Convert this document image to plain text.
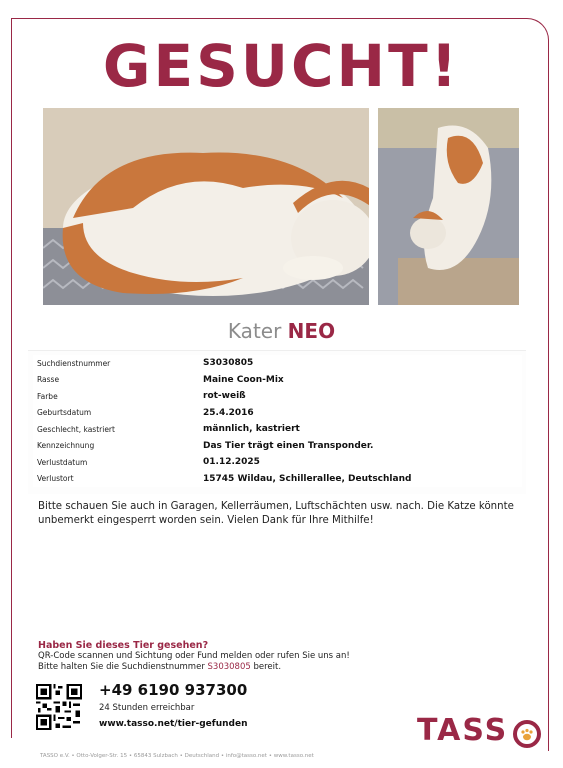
GESUCHT!
Kater NEO
Suchdienstnummer	S3030805
Rasse	Maine Coon-Mix
Farbe	rot-weiß
Geburtsdatum	25.4.2016
Geschlecht, kastriert	männlich, kastriert
Kennzeichnung	Das Tier trägt einen Transponder.
Verlustdatum	01.12.2025
Verlustort	15745 Wildau, Schillerallee, Deutschland
Bitte schauen Sie auch in Garagen, Kellerräumen, Luftschächten usw. nach. Die Katze könnte unbemerkt eingesperrt worden sein. Vielen Dank für Ihre Mithilfe!
Haben Sie dieses Tier gesehen?
QR-Code scannen und Sichtung oder Fund melden oder rufen Sie uns an!
Bitte halten Sie die Suchdienstnummer S3030805 bereit.
+49 6190 937300
24 Stunden erreichbar
www.tasso.net/tier-gefunden	TASS
TASSO e.V. • Otto-Volger-Str. 15 • 65843 Sulzbach • Deutschland • info@tasso.net • www.tasso.net
